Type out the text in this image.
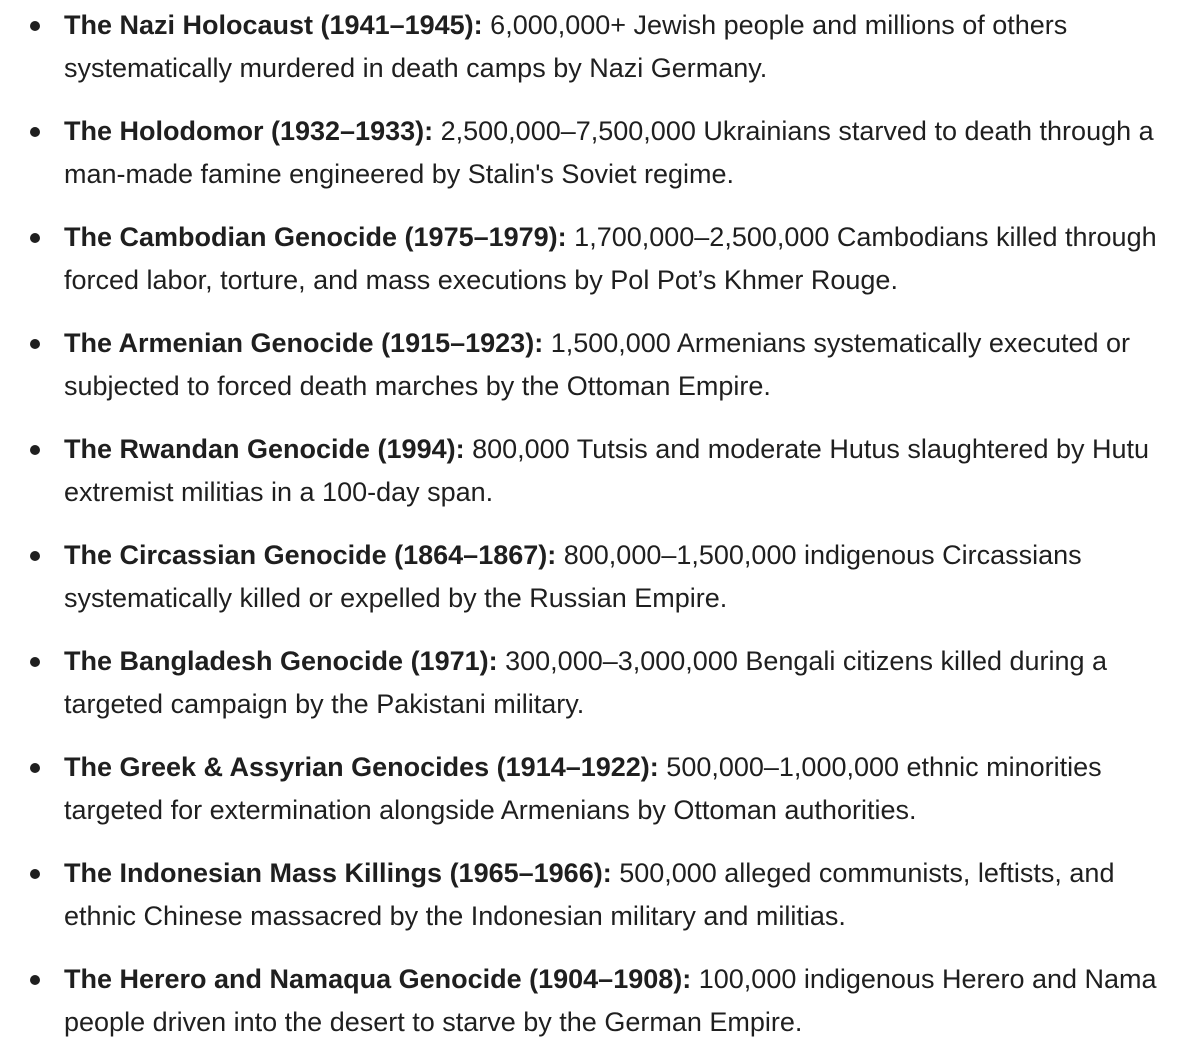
The Nazi Holocaust (1941–1945): 6,000,000+ Jewish people and millions of others systematically murdered in death camps by Nazi Germany.
The Holodomor (1932–1933): 2,500,000–7,500,000 Ukrainians starved to death through a man-made famine engineered by Stalin's Soviet regime.
The Cambodian Genocide (1975–1979): 1,700,000–2,500,000 Cambodians killed through forced labor, torture, and mass executions by Pol Pot’s Khmer Rouge.
The Armenian Genocide (1915–1923): 1,500,000 Armenians systematically executed or subjected to forced death marches by the Ottoman Empire.
The Rwandan Genocide (1994): 800,000 Tutsis and moderate Hutus slaughtered by Hutu extremist militias in a 100-day span.
The Circassian Genocide (1864–1867): 800,000–1,500,000 indigenous Circassians systematically killed or expelled by the Russian Empire.
The Bangladesh Genocide (1971): 300,000–3,000,000 Bengali citizens killed during a targeted campaign by the Pakistani military.
The Greek & Assyrian Genocides (1914–1922): 500,000–1,000,000 ethnic minorities targeted for extermination alongside Armenians by Ottoman authorities.
The Indonesian Mass Killings (1965–1966): 500,000 alleged communists, leftists, and ethnic Chinese massacred by the Indonesian military and militias.
The Herero and Namaqua Genocide (1904–1908): 100,000 indigenous Herero and Nama people driven into the desert to starve by the German Empire.
